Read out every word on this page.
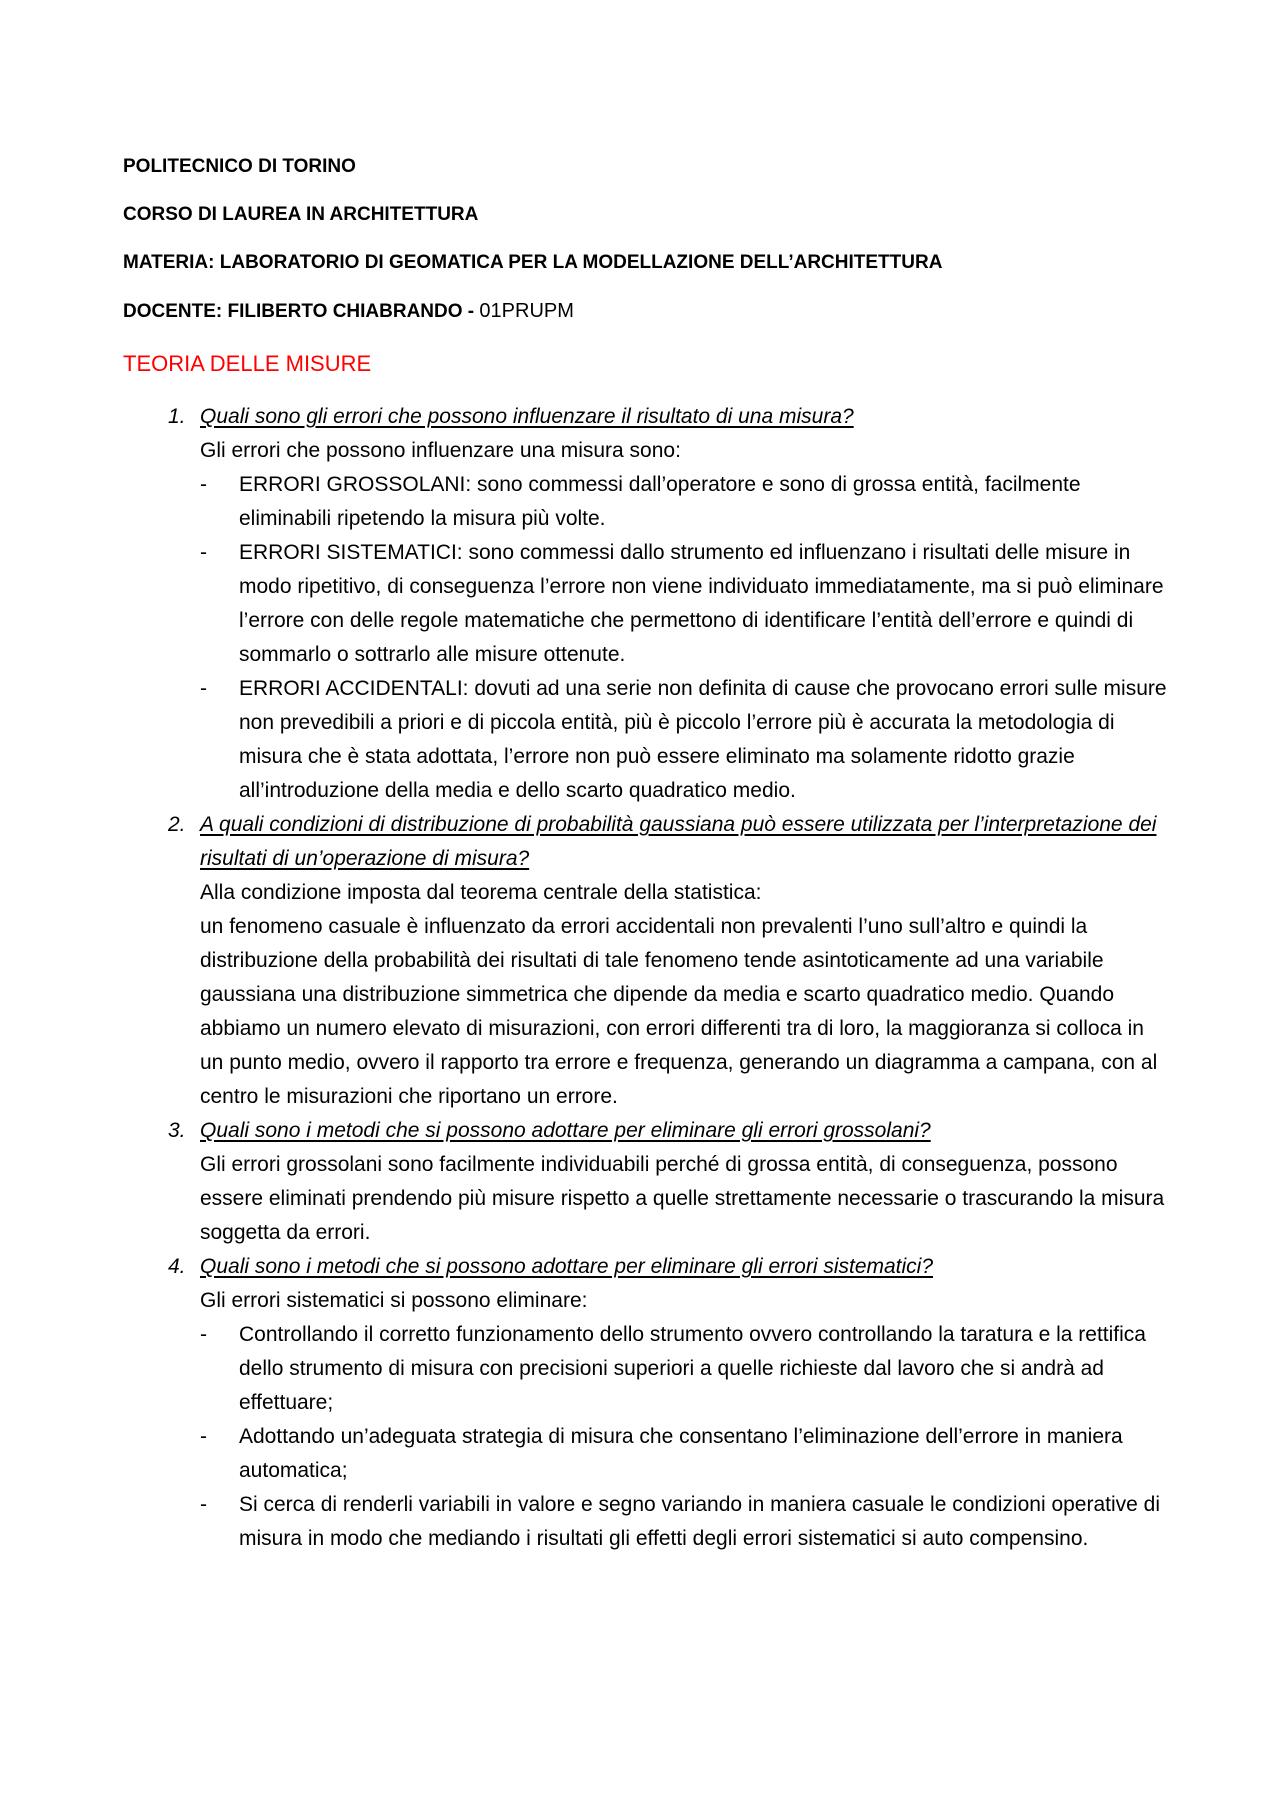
POLITECNICO DI TORINO
CORSO DI LAUREA IN ARCHITETTURA
MATERIA: LABORATORIO DI GEOMATICA PER LA MODELLAZIONE DELL’ARCHITETTURA
DOCENTE: FILIBERTO CHIABRANDO - 01PRUPM
TEORIA DELLE MISURE
1. Quali sono gli errori che possono influenzare il risultato di una misura?
Gli errori che possono influenzare una misura sono:
- ERRORI GROSSOLANI: sono commessi dall’operatore e sono di grossa entità, facilmente eliminabili ripetendo la misura più volte.
- ERRORI SISTEMATICI: sono commessi dallo strumento ed influenzano i risultati delle misure in modo ripetitivo, di conseguenza l’errore non viene individuato immediatamente, ma si può eliminare l’errore con delle regole matematiche che permettono di identificare l’entità dell’errore e quindi di sommarlo o sottrarlo alle misure ottenute.
- ERRORI ACCIDENTALI: dovuti ad una serie non definita di cause che provocano errori sulle misure non prevedibili a priori e di piccola entità, più è piccolo l’errore più è accurata la metodologia di misura che è stata adottata, l’errore non può essere eliminato ma solamente ridotto grazie all’introduzione della media e dello scarto quadratico medio.
2. A quali condizioni di distribuzione di probabilità gaussiana può essere utilizzata per l’interpretazione dei risultati di un’operazione di misura?
Alla condizione imposta dal teorema centrale della statistica:
un fenomeno casuale è influenzato da errori accidentali non prevalenti l’uno sull’altro e quindi la distribuzione della probabilità dei risultati di tale fenomeno tende asintoticamente ad una variabile gaussiana una distribuzione simmetrica che dipende da media e scarto quadratico medio. Quando abbiamo un numero elevato di misurazioni, con errori differenti tra di loro, la maggioranza si colloca in un punto medio, ovvero il rapporto tra errore e frequenza, generando un diagramma a campana, con al centro le misurazioni che riportano un errore.
3. Quali sono i metodi che si possono adottare per eliminare gli errori grossolani?
Gli errori grossolani sono facilmente individuabili perché di grossa entità, di conseguenza, possono essere eliminati prendendo più misure rispetto a quelle strettamente necessarie o trascurando la misura soggetta da errori.
4. Quali sono i metodi che si possono adottare per eliminare gli errori sistematici?
Gli errori sistematici si possono eliminare:
- Controllando il corretto funzionamento dello strumento ovvero controllando la taratura e la rettifica dello strumento di misura con precisioni superiori a quelle richieste dal lavoro che si andrà ad effettuare;
- Adottando un’adeguata strategia di misura che consentano l’eliminazione dell’errore in maniera automatica;
- Si cerca di renderli variabili in valore e segno variando in maniera casuale le condizioni operative di misura in modo che mediando i risultati gli effetti degli errori sistematici si auto compensino.
